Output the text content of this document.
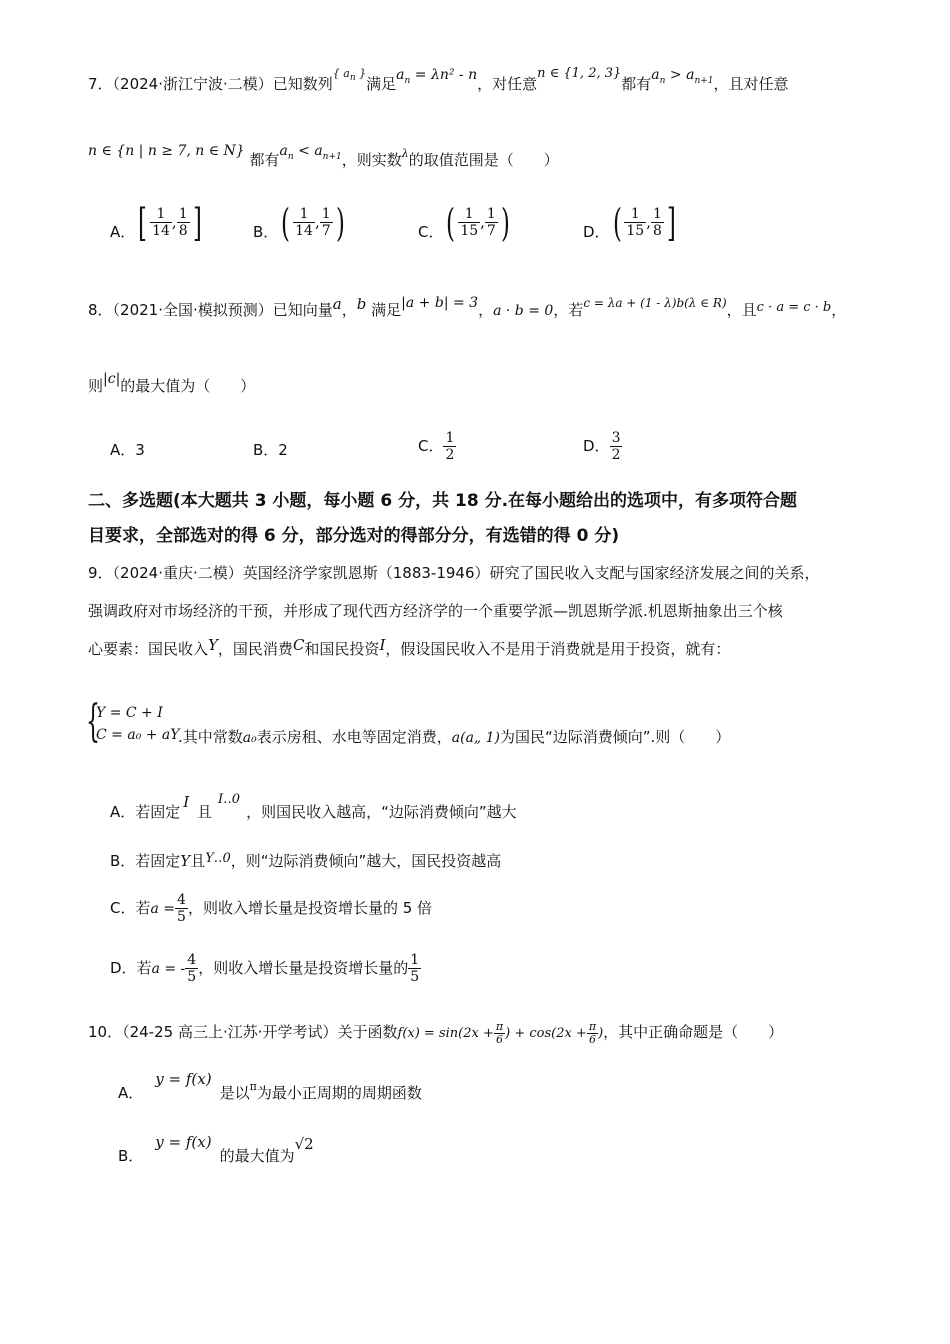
7．（2024·浙江宁波·二模）已知数列$^{\{ a_n \}}$满足$a_n = \lambda n^2 - n$，对任意n ∈ {1, 2, 3}都有$a_n > a_{n+1}$，且对任意
n ∈ {n | n ≥ 7, n ∈ N} 都有$a_n < a_{n+1}$，则实数$^\lambda$的取值范围是（　　）
A．[ $\frac{1}{14}$ , $\frac{1}{8}$ ]	B．( $\frac{1}{14}$ , $\frac{1}{7}$ )	C．( $\frac{1}{15}$ , $\frac{1}{7}$ )	D．( $\frac{1}{15}$ , $\frac{1}{8}$ ]
8．（2021·全国·模拟预测）已知向量a，b 满足|a + b| = 3，a · b = 0，若$^{c = \lambda a + (1 - \lambda)b(\lambda \in R)}$，且c · a = c · b，
则|c|的最大值为（　　）
A．3	B．2	C． $\frac{1}{2}$	D． $\frac{3}{2}$
二、多选题(本大题共 3 小题，每小题 6 分，共 18 分.在每小题给出的选项中，有多项符合题
目要求，全部选对的得 6 分，部分选对的得部分分，有选错的得 0 分)
9．（2024·重庆·二模）英国经济学家凯恩斯（1883-1946）研究了国民收入支配与国家经济发展之间的关系，
强调政府对市场经济的干预，并形成了现代西方经济学的一个重要学派—凯恩斯学派.机恩斯抽象出三个核
心要素：国民收入Y，国民消费C和国民投资I，假设国民收入不是用于消费就是用于投资，就有：
{
Y = C + I
C = a₀ + aY
.其中常数a₀表示房租、水电等固定消费，a(a„ 1)为国民“边际消费倾向”.则（　　）
A．若固定I 且I‥0，则国民收入越高，“边际消费倾向”越大
B．若固定Y且Y‥0，则“边际消费倾向”越大，国民投资越高
C．若$a = \frac{4}{5}$ ，则收入增长量是投资增长量的 5 倍
D．若a = - $\frac{4}{5}$ ，则收入增长量是投资增长量的 $\frac{1}{5}$
10．（24-25 高三上·江苏·开学考试）关于函数$f(x) = \sin(2x + \frac{\pi}{6}$ ) + $\cos(2x + \frac{\pi}{6}$ )，其中正确命题是（　　）
A．y = f(x)是以$^\pi$为最小正周期的周期函数
B．y = f(x)的最大值为√2
